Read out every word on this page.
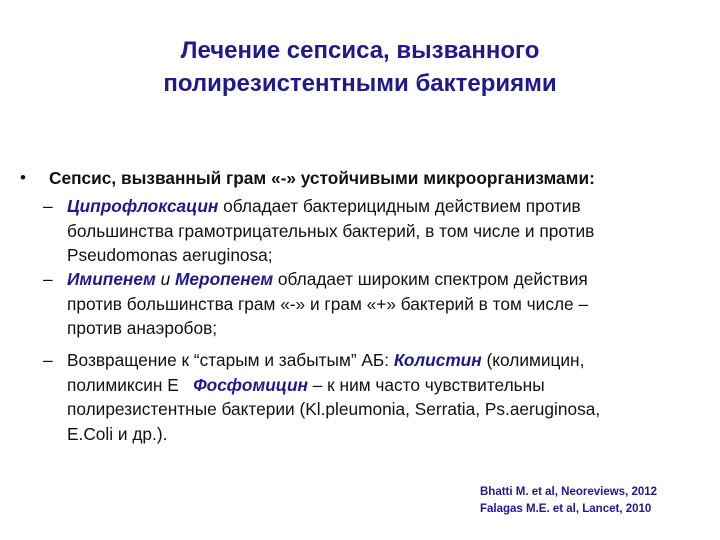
Лечение сепсиса, вызванного
полирезистентными бактериями
• Сепсис, вызванный грам «-» устойчивыми микроорганизмами:
– Ципрофлоксацин обладает бактерицидным действием против
большинства грамотрицательных бактерий, в том числе и против
Pseudomonas aeruginosa;
– Имипенем и Меропенем обладает широким спектром действия
против большинства грам «-» и грам «+» бактерий в том числе –
против анаэробов;
– Возвращение к “старым и забытым” АБ: Колистин (колимицин,
полимиксин Е   Фосфомицин – к ним часто чувствительны
полирезистентные бактерии (Kl.pleumonia, Serratia, Ps.aeruginosa,
E.Coli и др.).
Bhatti M. et al, Neoreviews, 2012
Falagas M.E. et al, Lancet, 2010
